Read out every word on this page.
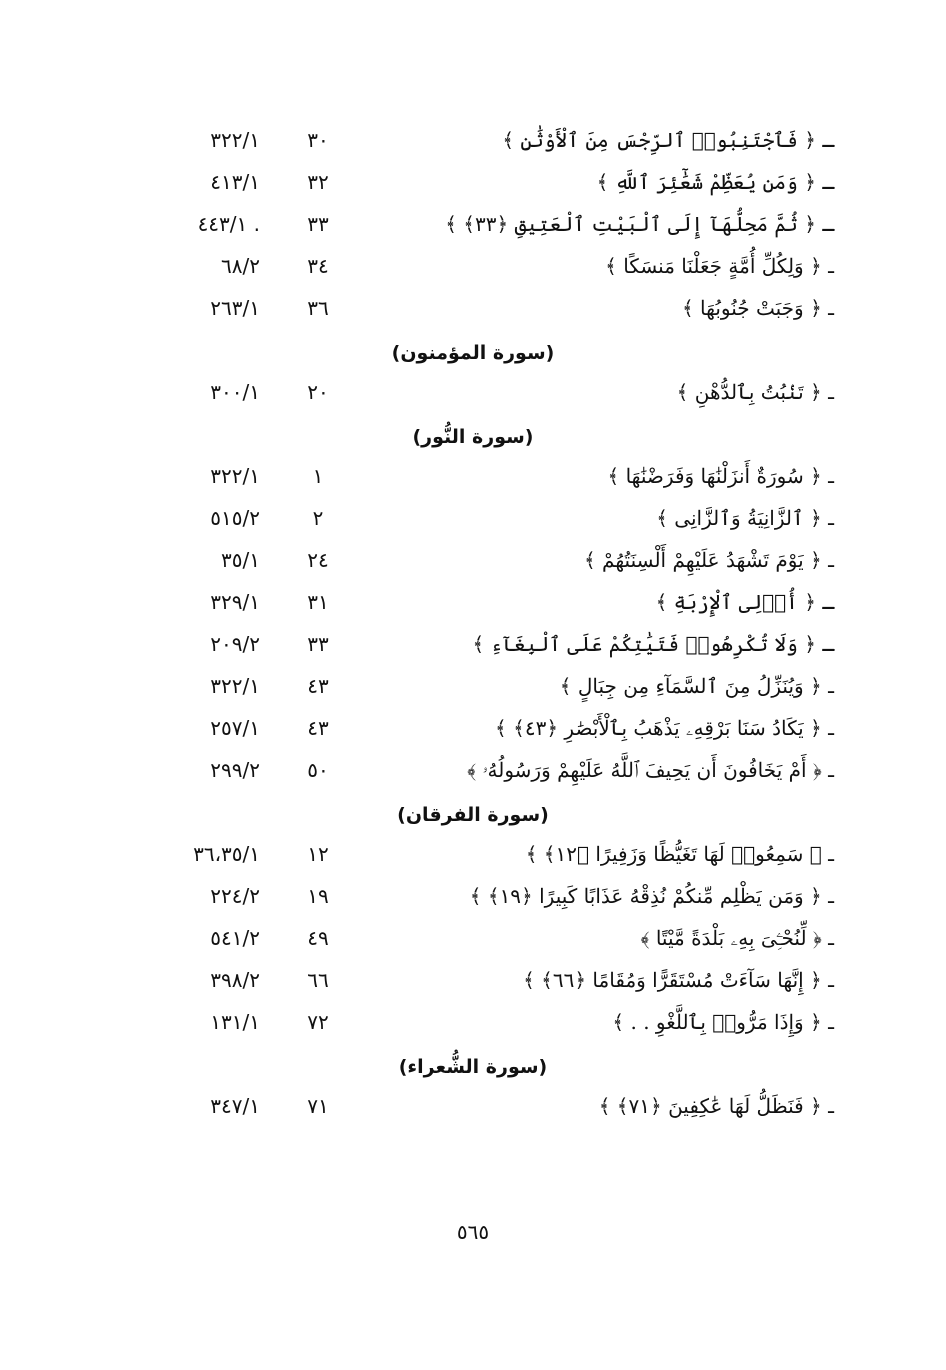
ـ ﴿ فَٱجْتَنِبُوا۟ ٱلرِّجْسَ مِنَ ٱلْأَوْثَٰنِ ﴾
٣٠
٣٢٢/١
ـ ﴿ وَمَن يُعَظِّمْ شَعَٰٓئِرَ ٱللَّهِ ﴾
٣٢
٤١٣/١
ـ ﴿ ثُمَّ مَحِلُّهَآ إِلَى ٱلْبَيْتِ ٱلْعَتِيقِ ﴿٣٣﴾ ﴾
٣٣
٤٤٣/١ .
ـ ﴿ وَلِكُلِّ أُمَّةٍ جَعَلْنَا مَنسَكًا ﴾
٣٤
٦٨/٢
ـ ﴿ وَجَبَتْ جُنُوبُهَا ﴾
٣٦
٢٦٣/١
(سورة المؤمنون)
ـ ﴿ تَنۢبُتُ بِٱلدُّهْنِ ﴾
٢٠
٣٠٠/١
(سورة النُّور)
ـ ﴿ سُورَةٌ أَنزَلْنَٰهَا وَفَرَضْنَٰهَا ﴾
١
٣٢٢/١
ـ ﴿ ٱلزَّانِيَةُ وَٱلزَّانِى ﴾
٢
٥١٥/٢
ـ ﴿ يَوْمَ تَشْهَدُ عَلَيْهِمْ أَلْسِنَتُهُمْ ﴾
٢٤
٣٥/١
ـ ﴿ أُو۟لِى ٱلْإِرْبَةِ ﴾
٣١
٣٢٩/١
ـ ﴿ وَلَا تُكْرِهُوا۟ فَتَيَٰتِكُمْ عَلَى ٱلْبِغَآءِ ﴾
٣٣
٢٠٩/٢
ـ ﴿ وَيُنَزِّلُ مِنَ ٱلسَّمَآءِ مِن جِبَالٍ ﴾
٤٣
٣٢٢/١
ـ ﴿ يَكَادُ سَنَا بَرْقِهِۦ يَذْهَبُ بِٱلْأَبْصَٰرِ ﴿٤٣﴾ ﴾
٤٣
٢٥٧/١
ـ ﴿ أَمْ يَخَافُونَ أَن يَحِيفَ ٱللَّهُ عَلَيْهِمْ وَرَسُولُهُۥ ﴾
٥٠
٢٩٩/٢
(سورة الفرقان)
ـ ﴿ سَمِعُوا۟ لَهَا تَغَيُّظًا وَزَفِيرًا ﴿١٢﴾ ﴾
١٢
٣٦،٣٥/١
ـ ﴿ وَمَن يَظْلِم مِّنكُمْ نُذِقْهُ عَذَابًا كَبِيرًا ﴿١٩﴾ ﴾
١٩
٢٢٤/٢
ـ ﴿ لِّنُحْـِۧىَ بِهِۦ بَلْدَةً مَّيْتًا ﴾
٤٩
٥٤١/٢
ـ ﴿ إِنَّهَا سَآءَتْ مُسْتَقَرًّا وَمُقَامًا ﴿٦٦﴾ ﴾
٦٦
٣٩٨/٢
ـ ﴿ وَإِذَا مَرُّوا۟ بِٱللَّغْوِ . . ﴾
٧٢
١٣١/١
(سورة الشُّعراء)
ـ ﴿ فَنَظَلُّ لَهَا عَٰكِفِينَ ﴿٧١﴾ ﴾
٧١
٣٤٧/١
٥٦٥
